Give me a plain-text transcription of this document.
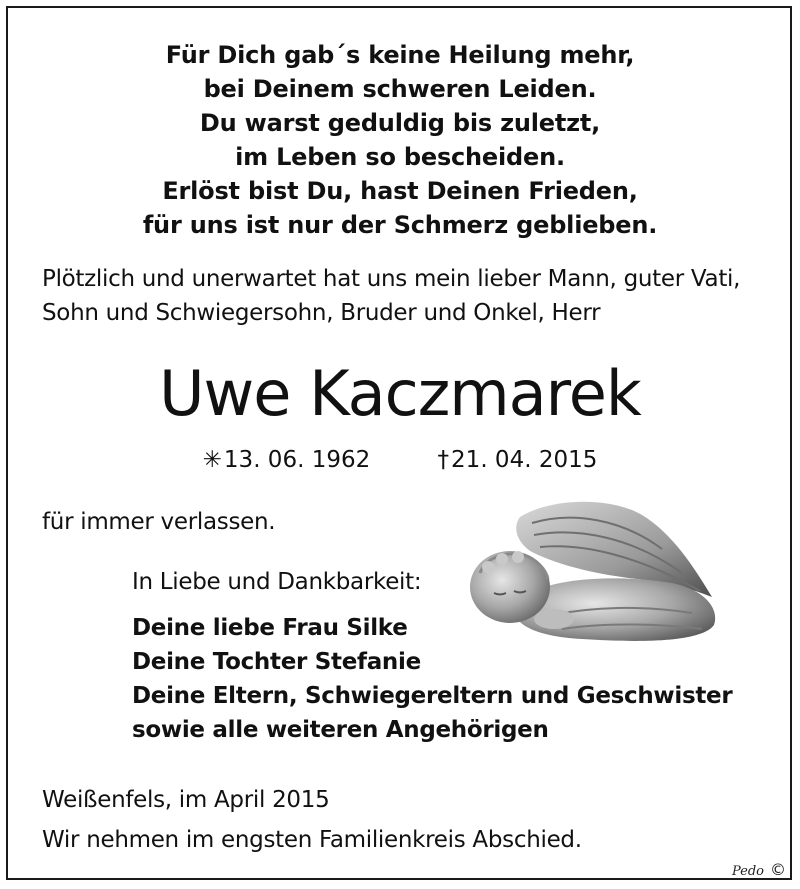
Für Dich gab´s keine Heilung mehr,
bei Deinem schweren Leiden.
Du warst geduldig bis zuletzt,
im Leben so bescheiden.
Erlöst bist Du, hast Deinen Frieden,
für uns ist nur der Schmerz geblieben.
Plötzlich und unerwartet hat uns mein lieber Mann, guter Vati,
Sohn und Schwiegersohn, Bruder und Onkel, Herr
Uwe Kaczmarek
✳13. 06. 1962	†21. 04. 2015
für immer verlassen.
In Liebe und Dankbarkeit:
Deine liebe Frau Silke
Deine Tochter Stefanie
Deine Eltern, Schwiegereltern und Geschwister
sowie alle weiteren Angehörigen
Weißenfels, im April 2015
Wir nehmen im engsten Familienkreis Abschied.
Pedo ©
